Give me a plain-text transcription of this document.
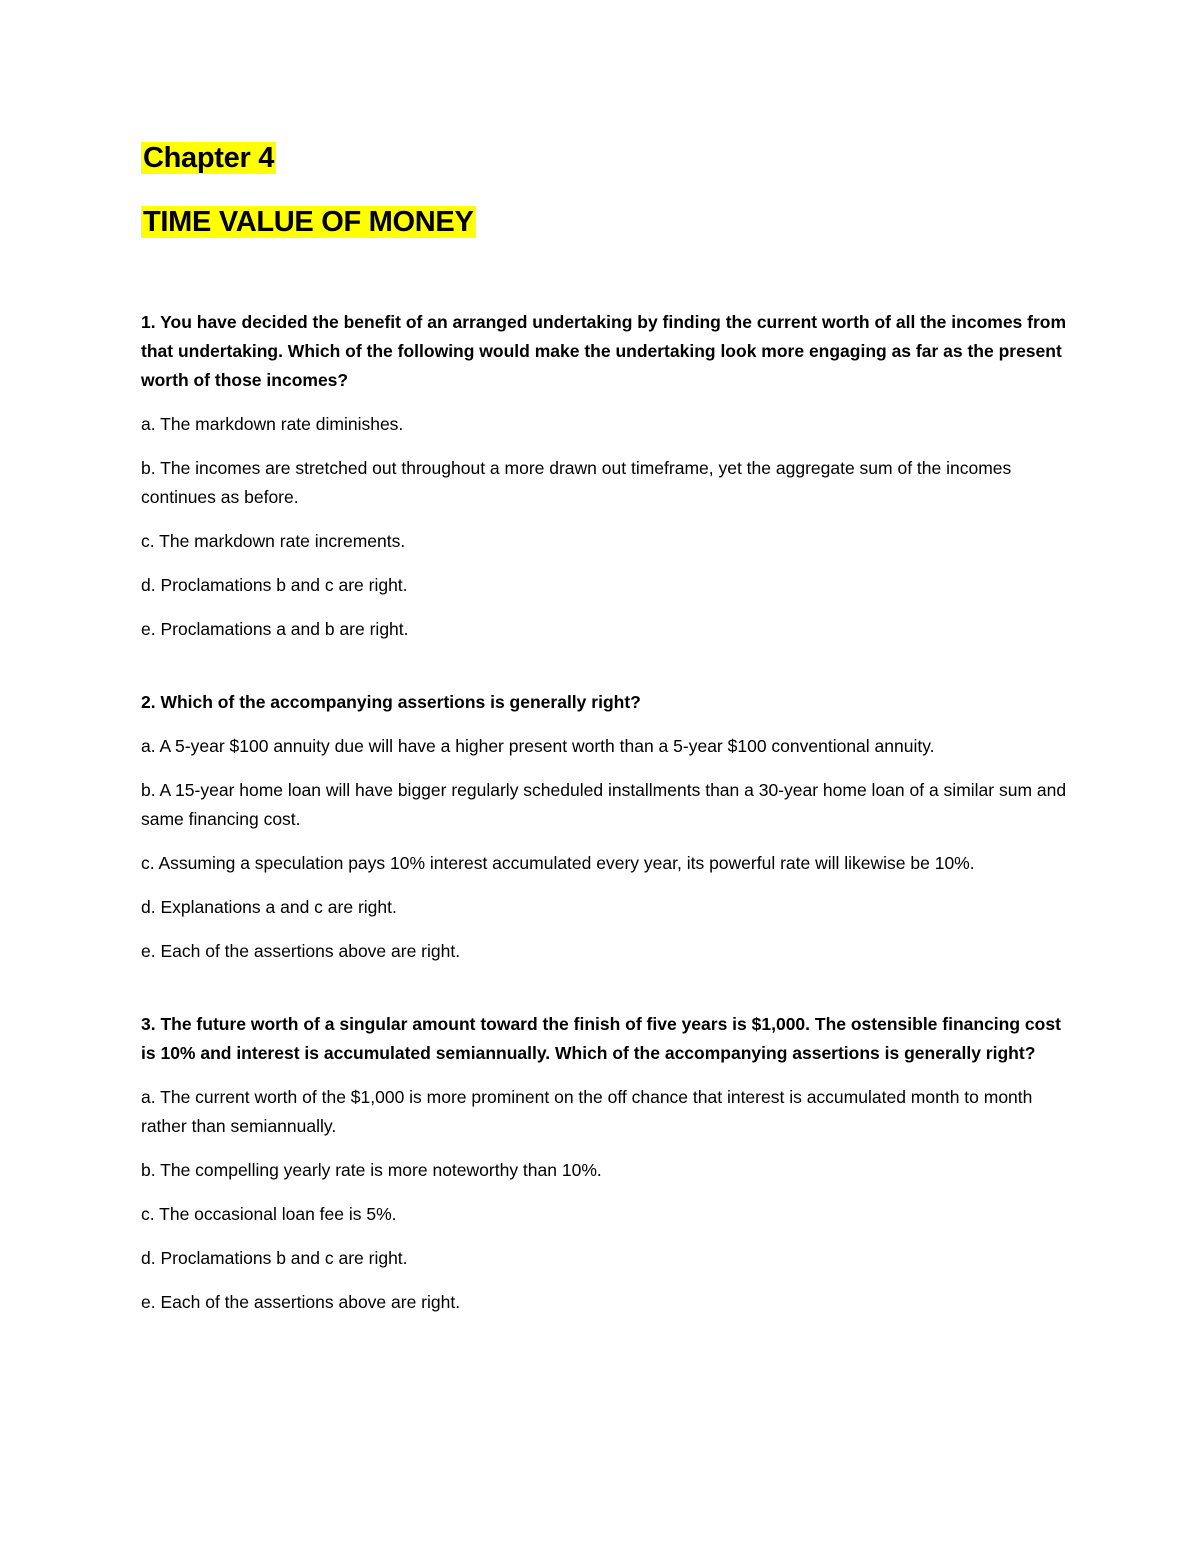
Chapter 4
TIME VALUE OF MONEY

1. You have decided the benefit of an arranged undertaking by finding the current worth of all the incomes from that undertaking. Which of the following would make the undertaking look more engaging as far as the present worth of those incomes?

a. The markdown rate diminishes.

b. The incomes are stretched out throughout a more drawn out timeframe, yet the aggregate sum of the incomes continues as before.

c. The markdown rate increments.

d. Proclamations b and c are right.

e. Proclamations a and b are right.

2. Which of the accompanying assertions is generally right?

a. A 5-year $100 annuity due will have a higher present worth than a 5-year $100 conventional annuity.

b. A 15-year home loan will have bigger regularly scheduled installments than a 30-year home loan of a similar sum and same financing cost.

c. Assuming a speculation pays 10% interest accumulated every year, its powerful rate will likewise be 10%.

d. Explanations a and c are right.

e. Each of the assertions above are right.

3. The future worth of a singular amount toward the finish of five years is $1,000. The ostensible financing cost is 10% and interest is accumulated semiannually. Which of the accompanying assertions is generally right?

a. The current worth of the $1,000 is more prominent on the off chance that interest is accumulated month to month rather than semiannually.

b. The compelling yearly rate is more noteworthy than 10%.

c. The occasional loan fee is 5%.

d. Proclamations b and c are right.

e. Each of the assertions above are right.
